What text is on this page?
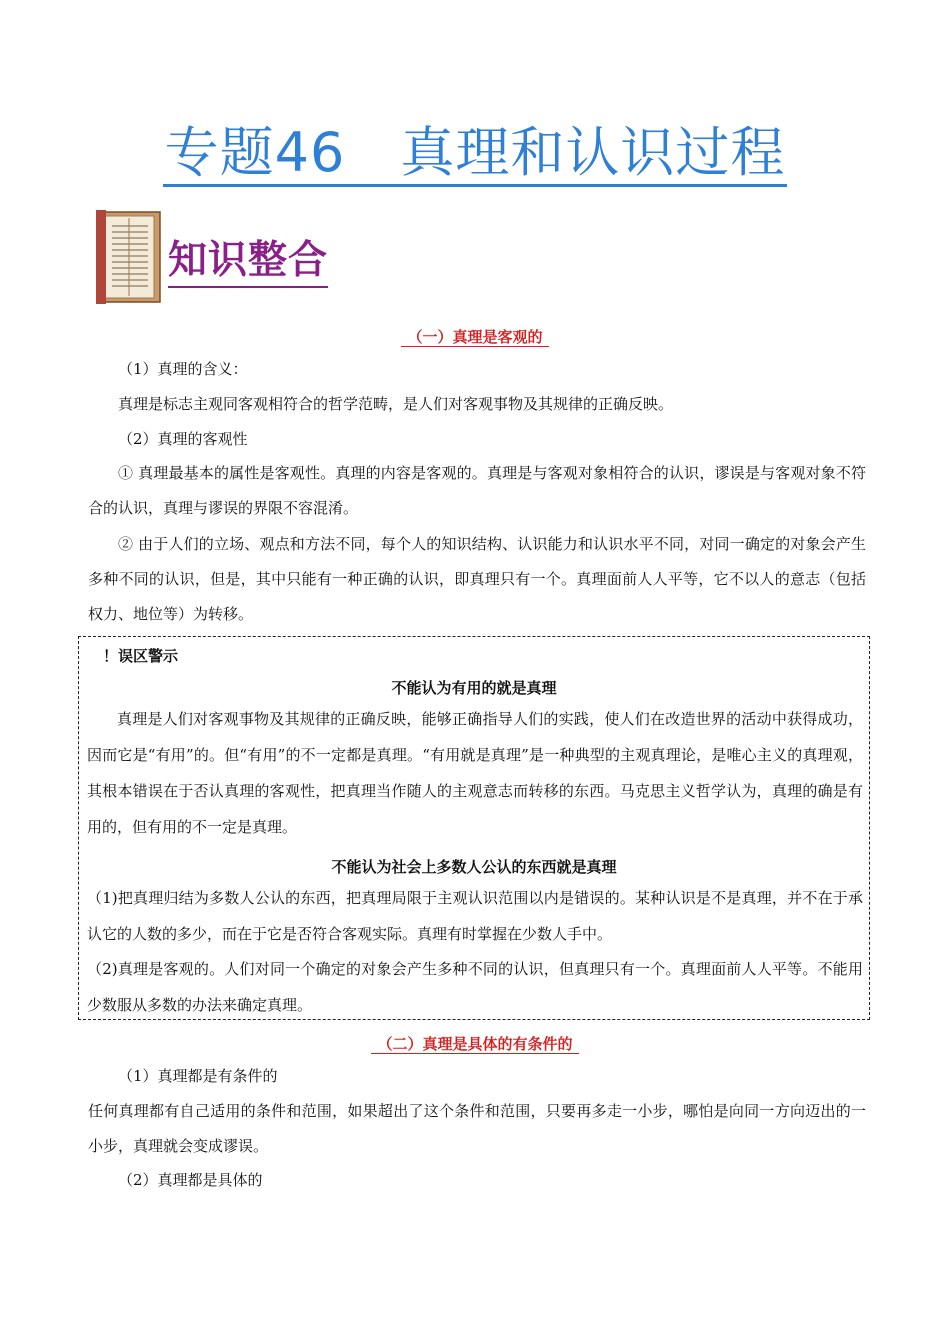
专题46　真理和认识过程
知识整合
（一）真理是客观的

（1）真理的含义：

真理是标志主观同客观相符合的哲学范畴，是人们对客观事物及其规律的正确反映。

（2）真理的客观性

① 真理最基本的属性是客观性。真理的内容是客观的。真理是与客观对象相符合的认识，谬误是与客观对象不符合的认识，真理与谬误的界限不容混淆。

② 由于人们的立场、观点和方法不同，每个人的知识结构、认识能力和认识水平不同，对同一确定的对象会产生多种不同的认识，但是，其中只能有一种正确的认识，即真理只有一个。真理面前人人平等，它不以人的意志（包括权力、地位等）为转移。

！误区警示

不能认为有用的就是真理

真理是人们对客观事物及其规律的正确反映，能够正确指导人们的实践，使人们在改造世界的活动中获得成功，因而它是“有用”的。但“有用”的不一定都是真理。“有用就是真理”是一种典型的主观真理论，是唯心主义的真理观，其根本错误在于否认真理的客观性，把真理当作随人的主观意志而转移的东西。马克思主义哲学认为，真理的确是有用的，但有用的不一定是真理。

不能认为社会上多数人公认的东西就是真理

（1)把真理归结为多数人公认的东西，把真理局限于主观认识范围以内是错误的。某种认识是不是真理，并不在于承认它的人数的多少，而在于它是否符合客观实际。真理有时掌握在少数人手中。

（2)真理是客观的。人们对同一个确定的对象会产生多种不同的认识，但真理只有一个。真理面前人人平等。不能用少数服从多数的办法来确定真理。

（二）真理是具体的有条件的

（1）真理都是有条件的

任何真理都有自己适用的条件和范围，如果超出了这个条件和范围，只要再多走一小步，哪怕是向同一方向迈出的一小步，真理就会变成谬误。

（2）真理都是具体的
